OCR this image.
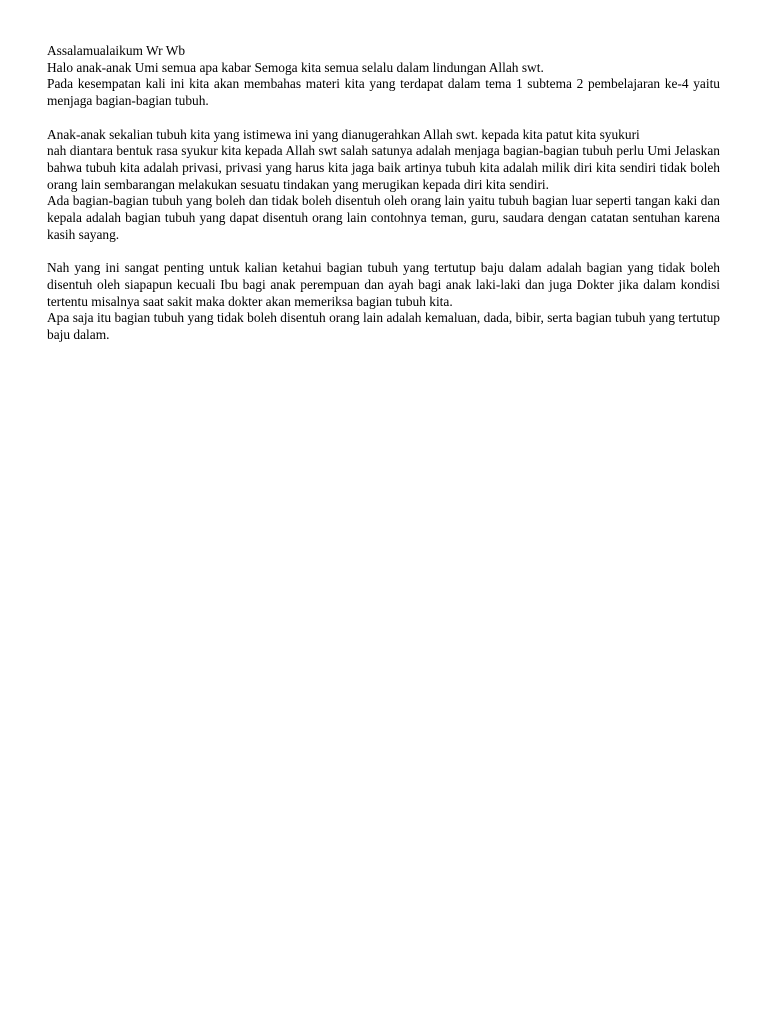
Assalamualaikum Wr Wb

Halo anak-anak Umi semua apa kabar Semoga kita semua selalu dalam lindungan Allah swt.

Pada kesempatan kali ini kita akan membahas materi kita yang terdapat dalam tema 1 subtema 2 pembelajaran ke-4 yaitu menjaga bagian-bagian tubuh.

Anak-anak sekalian tubuh kita yang istimewa ini yang dianugerahkan Allah swt. kepada kita patut kita syukuri

nah diantara bentuk rasa syukur kita kepada Allah swt salah satunya adalah menjaga bagian-bagian tubuh perlu Umi Jelaskan bahwa tubuh kita adalah privasi, privasi yang harus kita jaga baik artinya tubuh kita adalah milik diri kita sendiri tidak boleh orang lain sembarangan melakukan sesuatu tindakan yang merugikan kepada diri kita sendiri.

Ada bagian-bagian tubuh yang boleh dan tidak boleh disentuh oleh orang lain yaitu tubuh bagian luar seperti tangan kaki dan kepala adalah bagian tubuh yang dapat disentuh orang lain contohnya teman, guru, saudara dengan catatan sentuhan karena kasih sayang.

Nah yang ini sangat penting untuk kalian ketahui bagian tubuh yang tertutup baju dalam adalah bagian yang tidak boleh disentuh oleh siapapun kecuali Ibu bagi anak perempuan dan ayah bagi anak laki-laki dan juga Dokter jika dalam kondisi tertentu misalnya saat sakit maka dokter akan memeriksa bagian tubuh kita.

Apa saja itu bagian tubuh yang tidak boleh disentuh orang lain adalah kemaluan, dada, bibir, serta bagian tubuh yang tertutup baju dalam.
